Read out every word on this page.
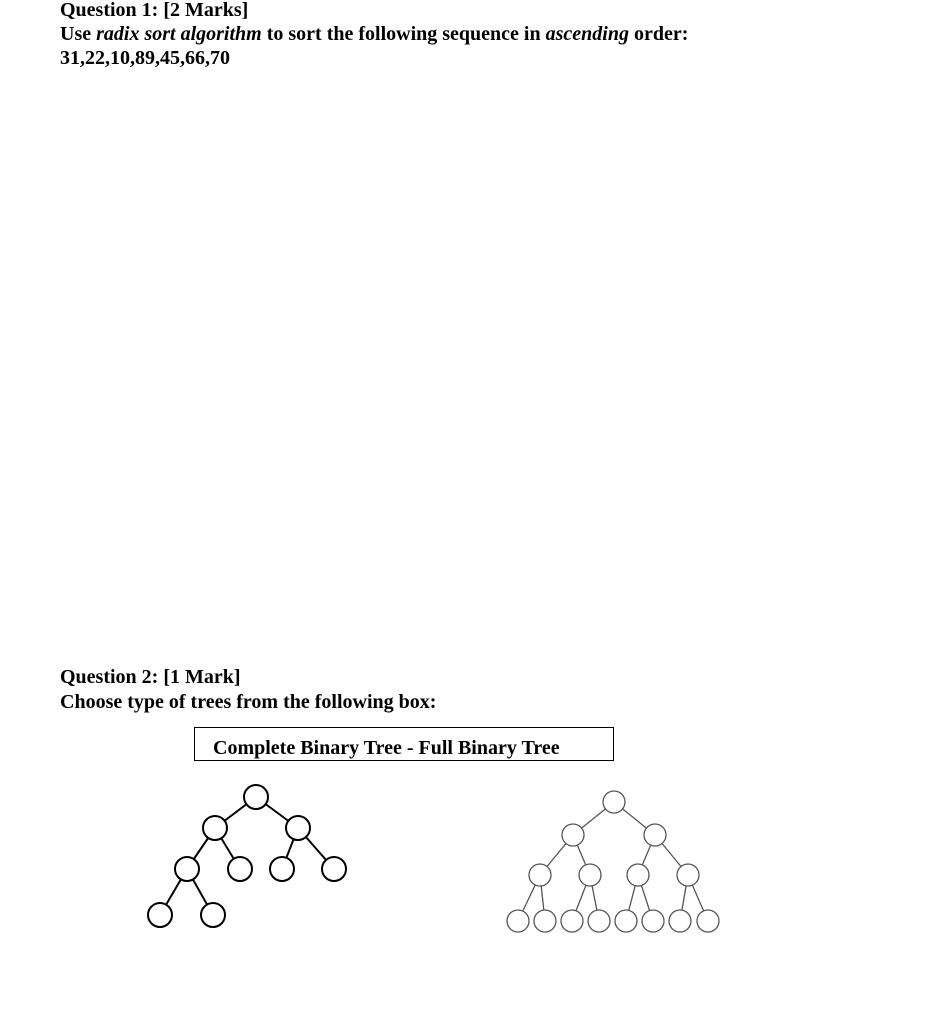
Question 1: [2 Marks]
Use radix sort algorithm to sort the following sequence in ascending order:
31,22,10,89,45,66,70
Question 2: [1 Mark]
Choose type of trees from the following box:
Complete Binary Tree - Full Binary Tree
